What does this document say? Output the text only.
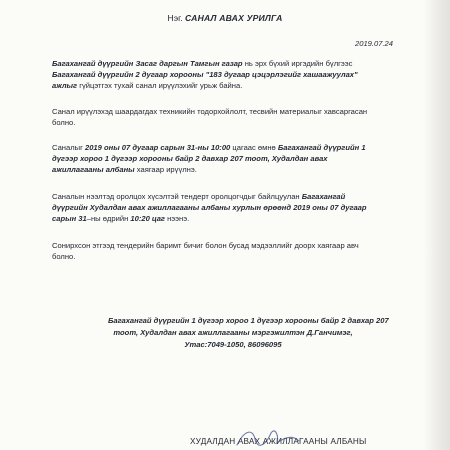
Нэг. САНАЛ АВАХ УРИЛГА
2019.07.24
Багахангай дүүргийн Засаг даргын Тамгын газар нь эрх бүхий иргэдийн бүлгээс
Багахангай дүүргийн 2 дугаар хорооны "183 дугаар цэцэрлэгийг хашаажуулах"
ажлыг гүйцэтгэх тухай санал ирүүлэхийг урьж байна.
Санал ирүүлэхэд шаардагдах техникийн тодорхойлолт, тесвийн материалыг хавсаргасан
болно.
Саналыг 2019 оны 07 дугаар сарын 31-ны 10:00 цагаас өмнө Багахангай дүүргийн 1
дүгээр хороо 1 дүгээр хорооны байр 2 давхар 207 тоот, Худалдан авах
ажиллагааны албаны хаягаар ирүүлнэ.
Саналын нээлтэд оролцох хүсэлтэй тендерт оролцогчдыг байлцуулан Багахангай
дүүргийн Худалдан авах ажиллагааны албаны хурлын өрөөнд 2019 оны 07 дугаар
сарын 31–ны өдрийн 10:20 цаг нээнэ.
Сонирхсон этгээд тендерийн баримт бичиг болон бусад мэдээллийг доорх хаягаар авч
болно.
Багахангай дүүргийн 1 дүгээр хороо 1 дүгээр хорооны байр 2 давхар 207
тоот, Худалдан авах ажиллагааны мэргэжилтэн Д.Ганчимэг,
Утас:7049-1050, 86096095
ХУДАЛДАН АВАХ АЖИЛЛАГААНЫ АЛБАНЫ
